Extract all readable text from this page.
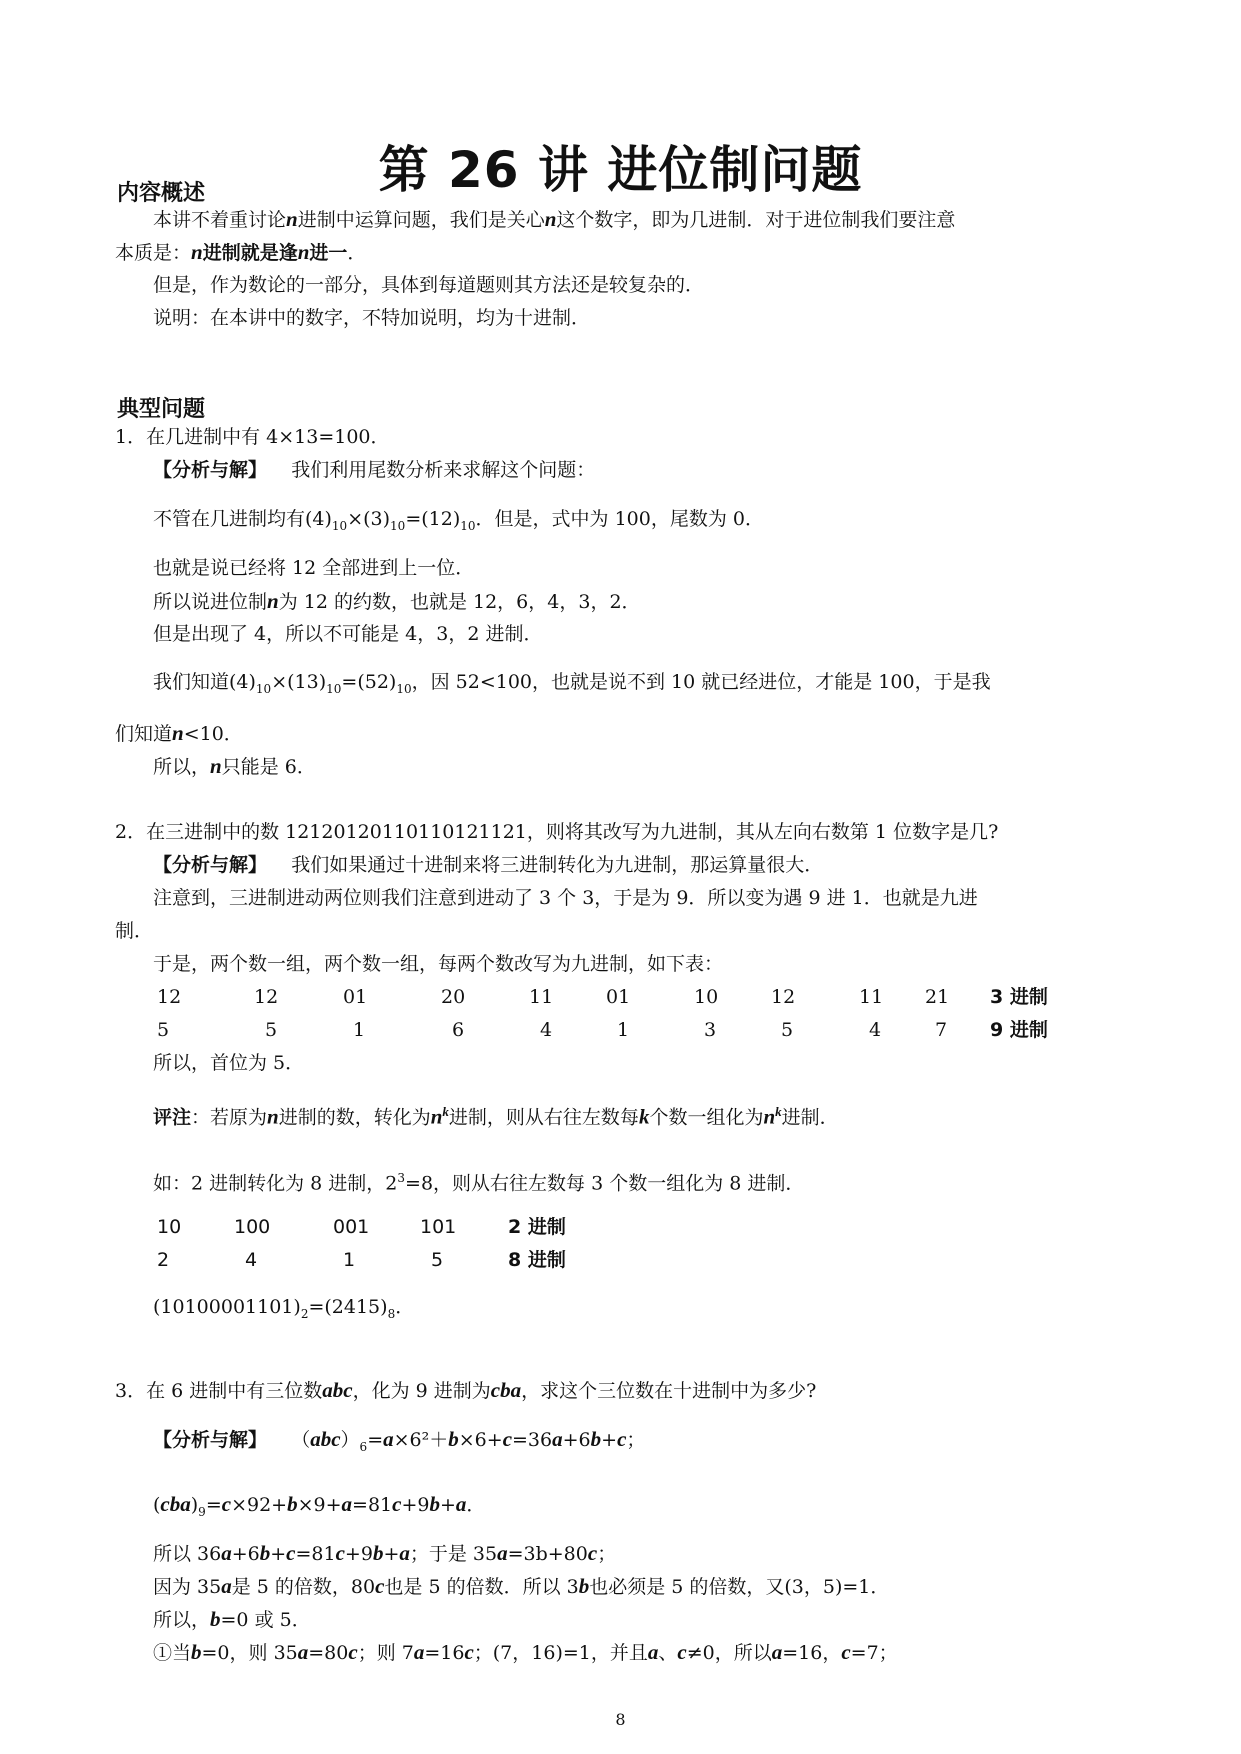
第 26 讲 进位制问题
内容概述
本讲不着重讨论n进制中运算问题，我们是关心n这个数字，即为几进制．对于进位制我们要注意
本质是：n进制就是逢n进一．
但是，作为数论的一部分，具体到每道题则其方法还是较复杂的．
说明：在本讲中的数字，不特加说明，均为十进制．
典型问题
1．在几进制中有 4×13=100．
【分析与解】 我们利用尾数分析来求解这个问题：
不管在几进制均有$(4)_{10}\times(3)_{10}=(12)_{10}$．但是，式中为 100，尾数为 0．
也就是说已经将 12 全部进到上一位．
所以说进位制n为 12 的约数，也就是 12，6，4，3，2．
但是出现了 4，所以不可能是 4，3，2 进制．
我们知道$(4)_{10}\times(13)_{10}=(52)_{10}$，因 52<100，也就是说不到 10 就已经进位，才能是 100，于是我
们知道n<10．
所以，n只能是 6．
2．在三进制中的数 12120120110110121121，则将其改写为九进制，其从左向右数第 1 位数字是几?
【分析与解】 我们如果通过十进制来将三进制转化为九进制，那运算量很大．
注意到，三进制进动两位则我们注意到进动了 3 个 3，于是为 9．所以变为遇 9 进 1．也就是九进
制．
于是，两个数一组，两个数一组，每两个数改写为九进制，如下表：
12	12	01	20	11	01	10	12	11 21 3 进制
5	5	1	6	4	1	3	5	4	7 9 进制
所以，首位为 5．
评注：若原为n进制的数，转化为$n^k$进制，则从右往左数每k个数一组化为$n^k$进制．
如：2 进制转化为 8 进制，$2^3=8$，则从右往左数每 3 个数一组化为 8 进制．
10	100	001	101	2 进制
2	4	1	5	8 进制
$(10100001101)_2=(2415)_8$．
3．在 6 进制中有三位数abc，化为 9 进制为cba，求这个三位数在十进制中为多少?
【分析与解】 $(abc)_6=a\times 6^2+b\times 6+c=36a+6b+c$；
$(cba)_9=c\times 92+b\times 9+a=81c+9b+a$．
所以 36a+6b+c=81c+9b+a；于是 35a=3b+80c；
因为 35a是 5 的倍数，80c也是 5 的倍数．所以 3b也必须是 5 的倍数，又(3，5)=1．
所以，b=0 或 5．
①当b=0，则 35a=80c；则 7a=16c；(7，16)=1，并且a、c≠0，所以a=16，c=7；
8
